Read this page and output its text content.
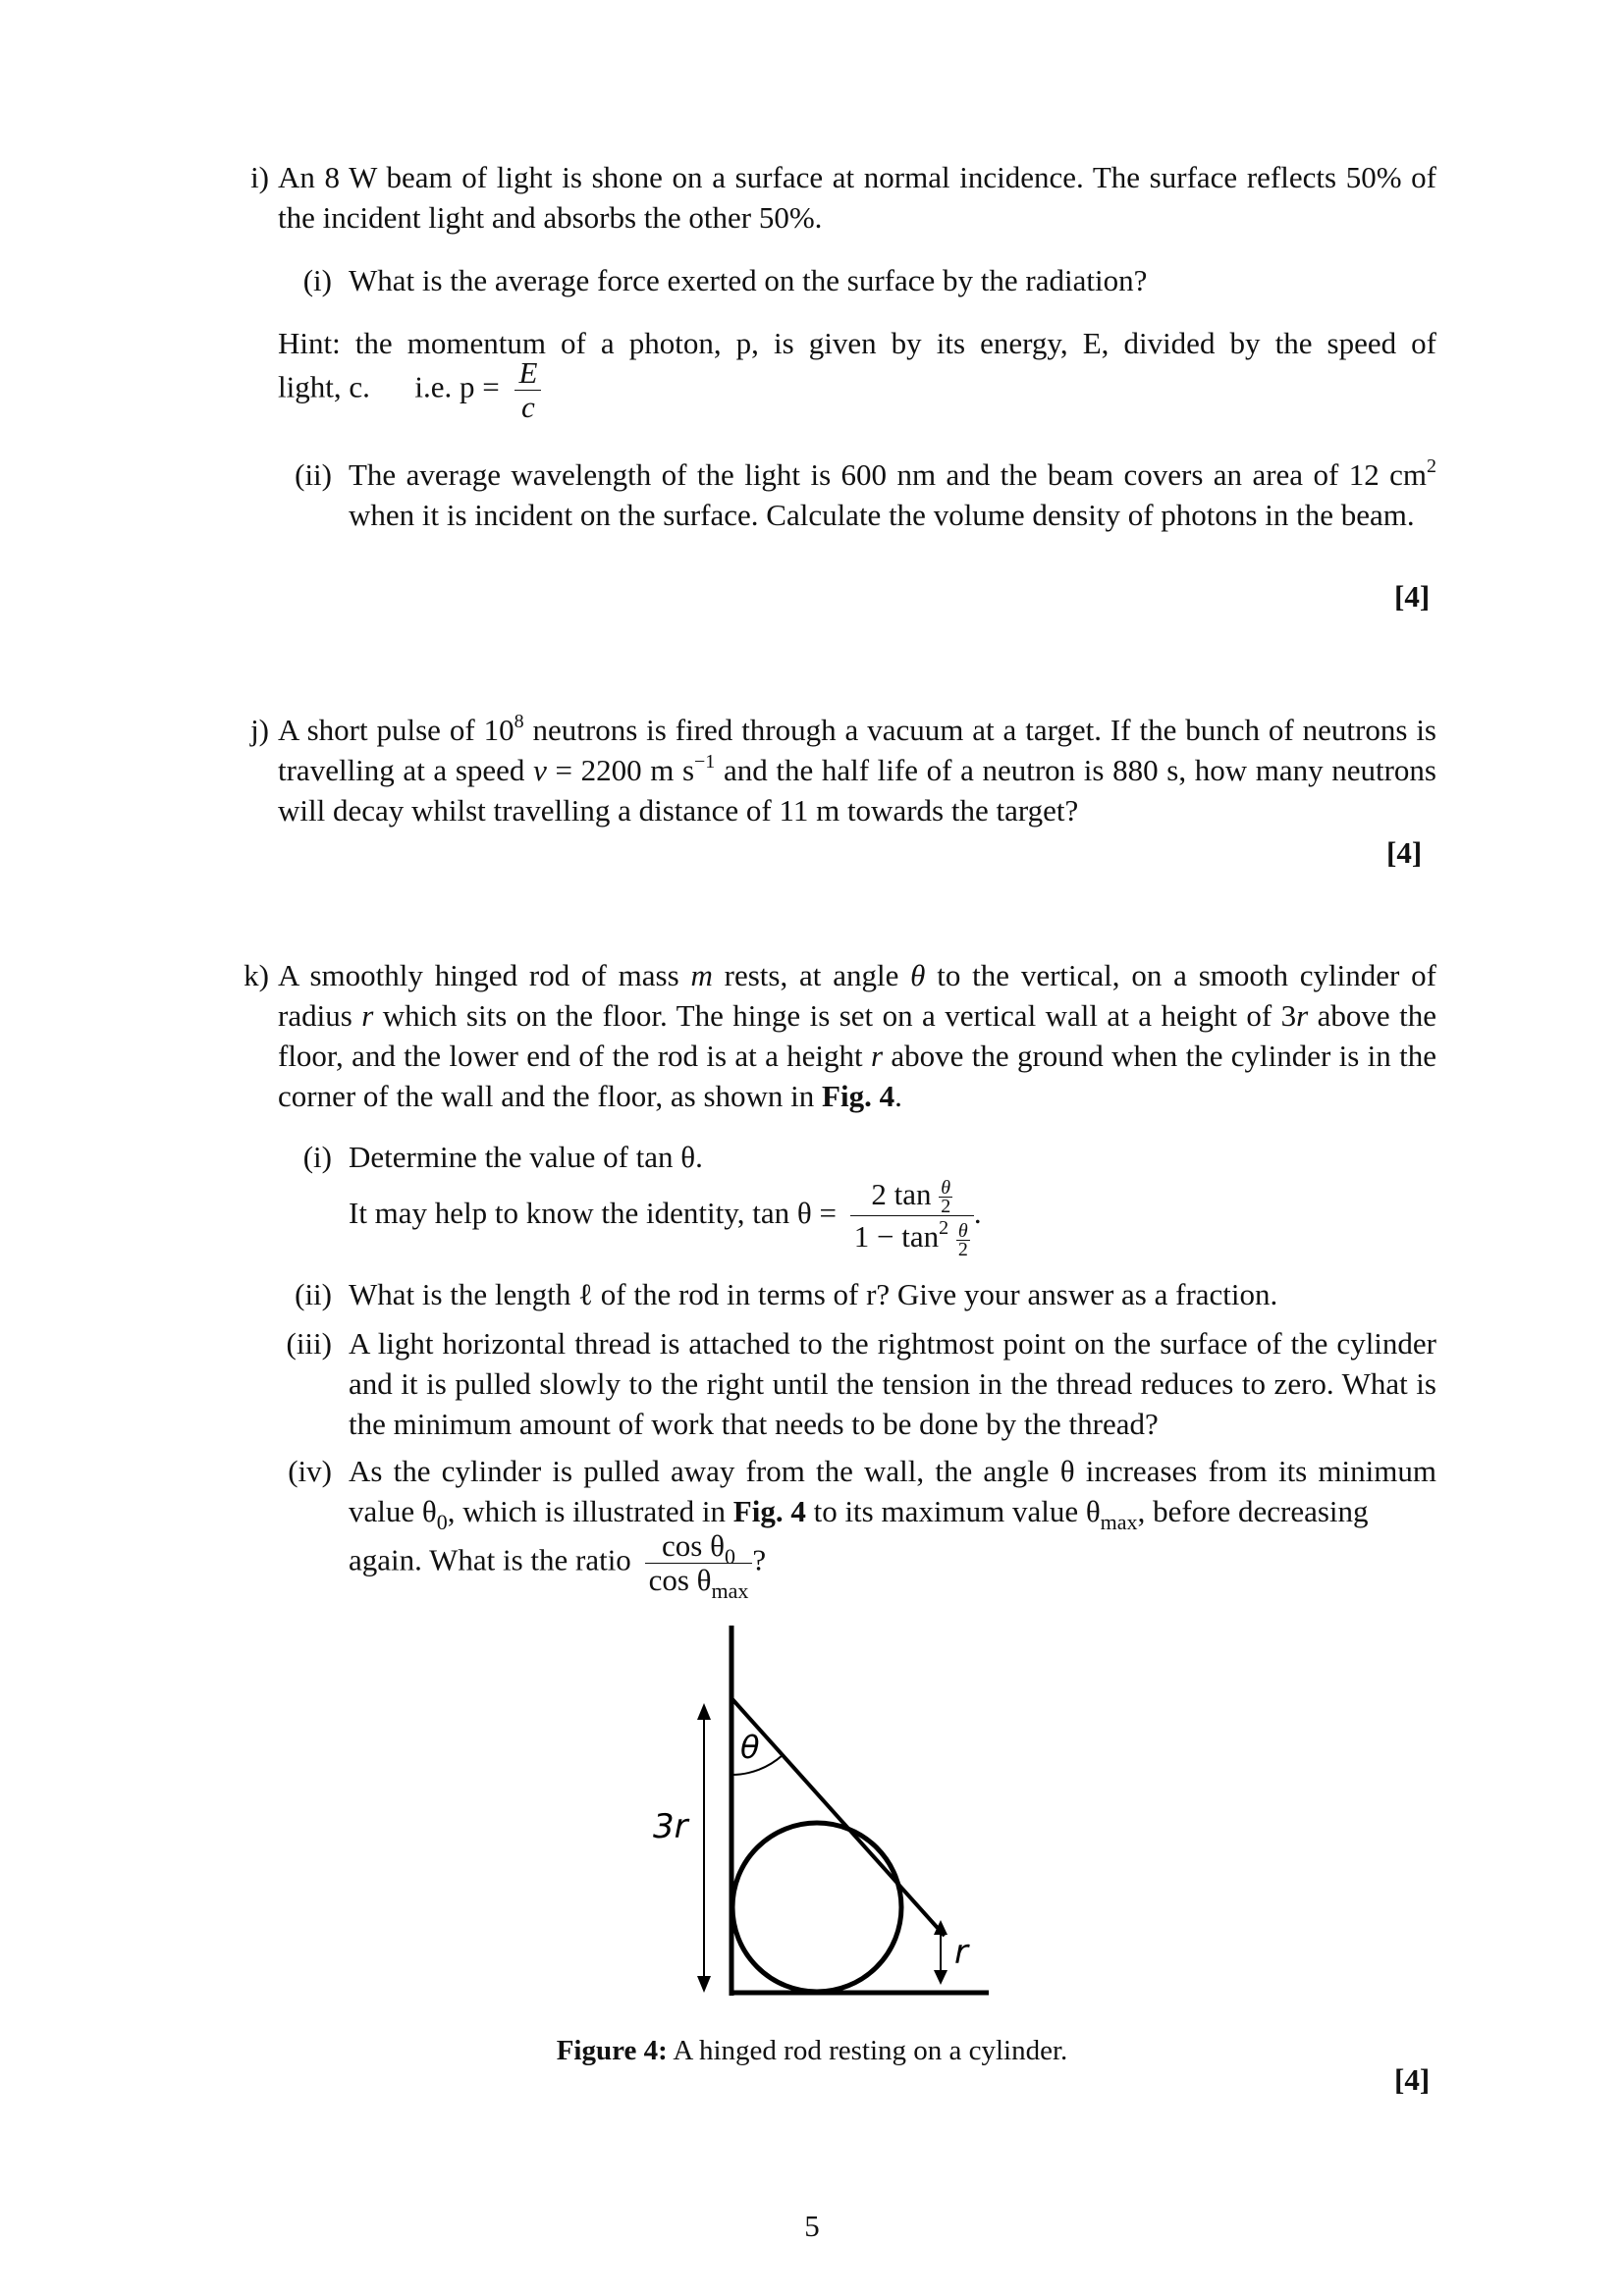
i) An 8 W beam of light is shone on a surface at normal incidence. The surface reflects 50% of the incident light and absorbs the other 50%.
(i) What is the average force exerted on the surface by the radiation?
Hint: the momentum of a photon, p, is given by its energy, E, divided by the speed of
light, c. i.e. $p = \frac{E}{c}$
(ii) The average wavelength of the light is 600 nm and the beam covers an area of 12 $cm^2$ when it is incident on the surface. Calculate the volume density of photons in the beam.
[4]
j) A short pulse of $10^8$ neutrons is fired through a vacuum at a target. If the bunch of neutrons is travelling at a speed v = 2200 m $s^{-1}$ and the half life of a neutron is 880 s, how many neutrons will decay whilst travelling a distance of 11 m towards the target?
[4]
k) A smoothly hinged rod of mass m rests, at angle θ to the vertical, on a smooth cylinder of radius r which sits on the floor. The hinge is set on a vertical wall at a height of 3r above the floor, and the lower end of the rod is at a height r above the ground when the cylinder is in the corner of the wall and the floor, as shown in Fig. 4.
(i) Determine the value of tan θ.
It may help to know the identity, $\tan \theta = \frac{2 \tan \frac{\theta}{2}}{1 - \tan^2 \frac{\theta}{2}}$ .
(ii) What is the length ℓ of the rod in terms of r? Give your answer as a fraction.
(iii) A light horizontal thread is attached to the rightmost point on the surface of the cylinder and it is pulled slowly to the right until the tension in the thread reduces to zero. What is the minimum amount of work that needs to be done by the thread?
(iv) As the cylinder is pulled away from the wall, the angle θ increases from its minimum value $\theta_0$, which is illustrated in Fig. 4 to its maximum value $\theta_{max}$, before decreasing
again. What is the ratio $\frac{\cos \theta_0}{\cos \theta_{max}}$ ?
θ
3r
r
Figure 4: A hinged rod resting on a cylinder.
[4]
5
